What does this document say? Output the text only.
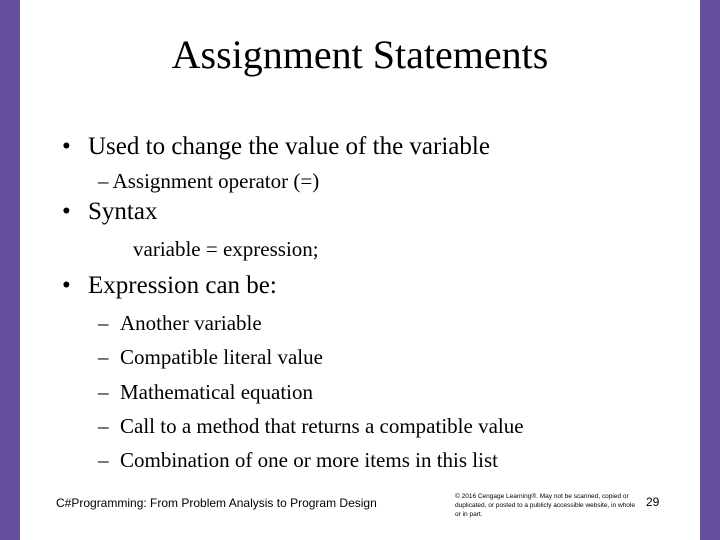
Assignment Statements
• Used to change the value of the variable
– Assignment operator (=)
• Syntax
variable = expression;
• Expression can be:
– Another variable
– Compatible literal value
– Mathematical equation
– Call to a method that returns a compatible value
– Combination of one or more items in this list
C#Programming: From Problem Analysis to Program Design	© 2016 Cengage Learning®. May not be scanned, copied or duplicated, or posted to a publicly accessible website, in whole or in part.
29
